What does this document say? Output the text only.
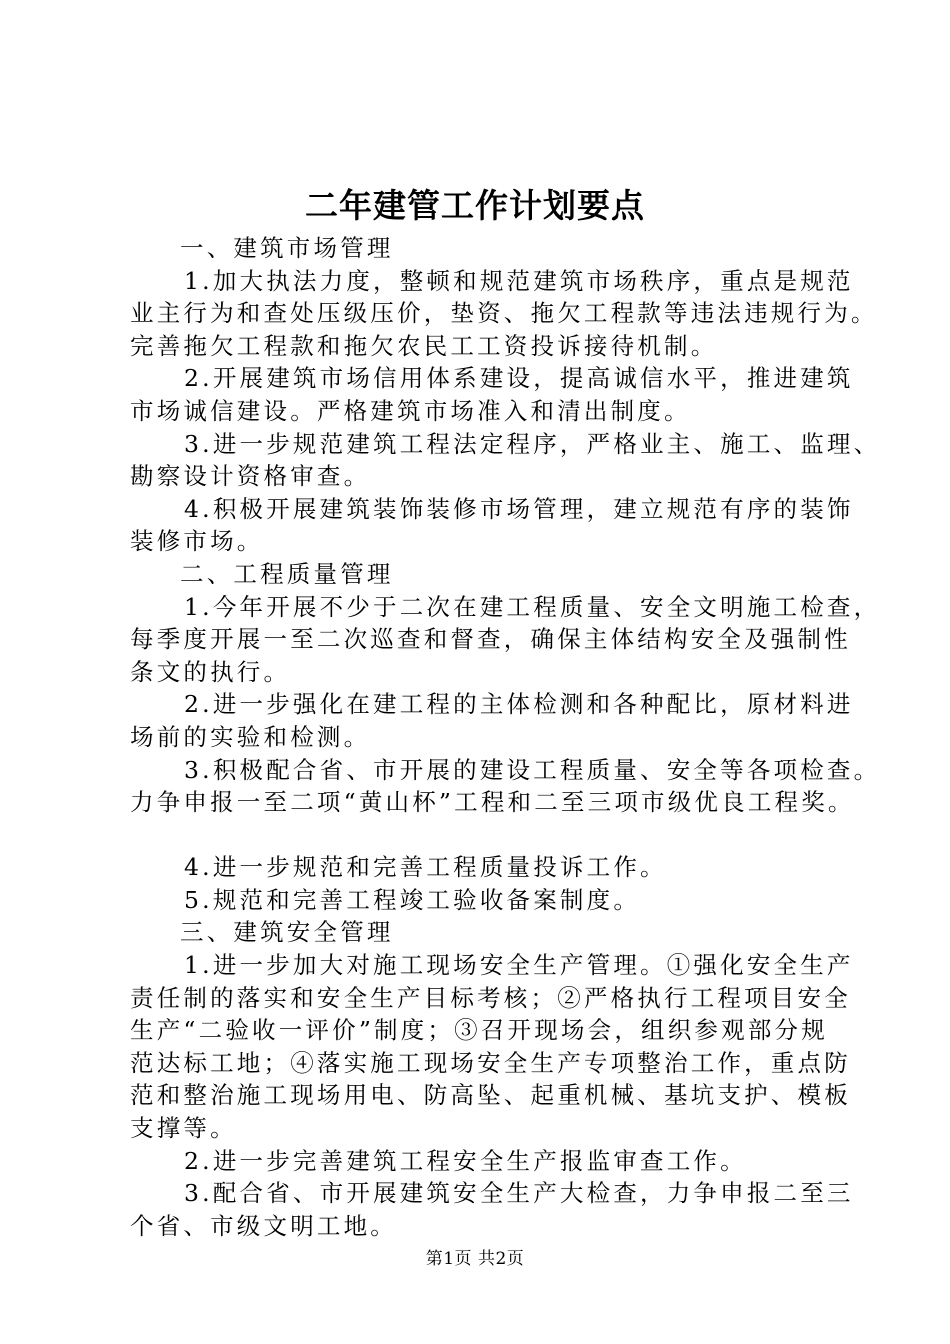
二年建管工作计划要点

一、建筑市场管理

1.加大执法力度，整顿和规范建筑市场秩序，重点是规范

业主行为和查处压级压价，垫资、拖欠工程款等违法违规行为。

完善拖欠工程款和拖欠农民工工资投诉接待机制。

2.开展建筑市场信用体系建设，提高诚信水平，推进建筑

市场诚信建设。严格建筑市场准入和清出制度。

3.进一步规范建筑工程法定程序，严格业主、施工、监理、

勘察设计资格审查。

4.积极开展建筑装饰装修市场管理，建立规范有序的装饰

装修市场。

二、工程质量管理

1.今年开展不少于二次在建工程质量、安全文明施工检查，

每季度开展一至二次巡查和督查，确保主体结构安全及强制性

条文的执行。

2.进一步强化在建工程的主体检测和各种配比，原材料进

场前的实验和检测。

3.积极配合省、市开展的建设工程质量、安全等各项检查。

力争申报一至二项“黄山杯”工程和二至三项市级优良工程奖。

4.进一步规范和完善工程质量投诉工作。

5.规范和完善工程竣工验收备案制度。

三、建筑安全管理

1.进一步加大对施工现场安全生产管理。①强化安全生产

责任制的落实和安全生产目标考核；②严格执行工程项目安全

生产“二验收一评价”制度；③召开现场会，组织参观部分规

范达标工地；④落实施工现场安全生产专项整治工作，重点防

范和整治施工现场用电、防高坠、起重机械、基坑支护、模板

支撑等。

2.进一步完善建筑工程安全生产报监审查工作。

3.配合省、市开展建筑安全生产大检查，力争申报二至三

个省、市级文明工地。

第1页 共2页
